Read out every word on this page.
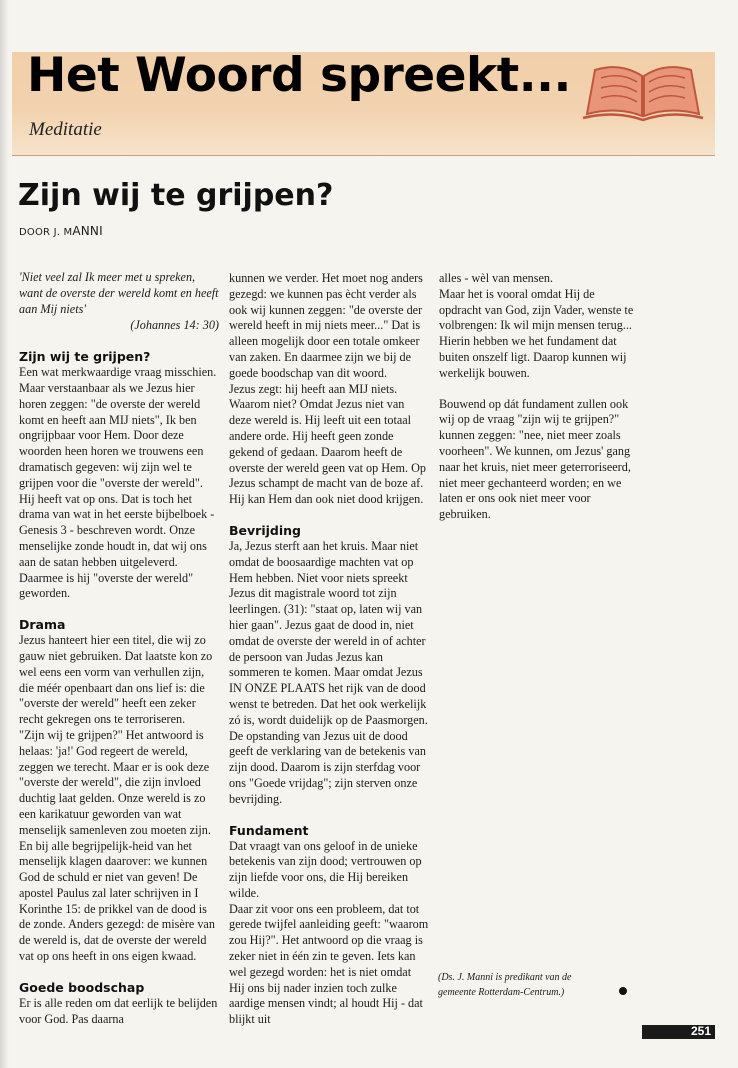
Het Woord spreekt...
Meditatie
Zijn wij te grijpen?
DOOR J. MANNI

'Niet veel zal Ik meer met u spreken, want de overste der wereld komt en heeft aan Mij niets'

(Johannes 14: 30)

Zijn wij te grijpen?

Een wat merkwaardige vraag misschien. Maar verstaanbaar als we Jezus hier horen zeggen: "de overste der wereld komt en heeft aan MIJ niets", Ik ben ongrijpbaar voor Hem. Door deze woorden heen horen we trouwens een dramatisch gegeven: wij zijn wel te grijpen voor die "overste der wereld". Hij heeft vat op ons. Dat is toch het drama van wat in het eerste bijbelboek - Genesis 3 - beschreven wordt. Onze menselijke zonde houdt in, dat wij ons aan de satan hebben uitgeleverd. Daarmee is hij "overste der wereld" geworden.

Drama

Jezus hanteert hier een titel, die wij zo gauw niet gebruiken. Dat laatste kon zo wel eens een vorm van verhullen zijn, die méér openbaart dan ons lief is: die "overste der wereld" heeft een zeker recht gekregen ons te terroriseren.

"Zijn wij te grijpen?" Het antwoord is helaas: 'ja!' God regeert de wereld, zeggen we terecht. Maar er is ook deze "overste der wereld", die zijn invloed duchtig laat gelden. Onze wereld is zo een karikatuur geworden van wat menselijk samenleven zou moeten zijn. En bij alle begrijpelijk-heid van het menselijk klagen daarover: we kunnen God de schuld er niet van geven! De apostel Paulus zal later schrijven in I Korinthe 15: de prikkel van de dood is de zonde. Anders gezegd: de misère van de wereld is, dat de overste der wereld vat op ons heeft in ons eigen kwaad.

Goede boodschap

Er is alle reden om dat eerlijk te belijden voor God. Pas daarna

kunnen we verder. Het moet nog anders gezegd: we kunnen pas ècht verder als ook wij kunnen zeggen: "de overste der wereld heeft in mij niets meer..." Dat is alleen mogelijk door een totale omkeer van zaken. En daarmee zijn we bij de goede boodschap van dit woord.

Jezus zegt: hij heeft aan MIJ niets. Waarom niet? Omdat Jezus niet van deze wereld is. Hij leeft uit een totaal andere orde. Hij heeft geen zonde gekend of gedaan. Daarom heeft de overste der wereld geen vat op Hem. Op Jezus schampt de macht van de boze af. Hij kan Hem dan ook niet dood krijgen.

Bevrijding

Ja, Jezus sterft aan het kruis. Maar niet omdat de boosaardige machten vat op Hem hebben. Niet voor niets spreekt Jezus dit magistrale woord tot zijn leerlingen. (31): "staat op, laten wij van hier gaan". Jezus gaat de dood in, niet omdat de overste der wereld in of achter de persoon van Judas Jezus kan sommeren te komen. Maar omdat Jezus IN ONZE PLAATS het rijk van de dood wenst te betreden. Dat het ook werkelijk zó is, wordt duidelijk op de Paasmorgen. De opstanding van Jezus uit de dood geeft de verklaring van de betekenis van zijn dood. Daarom is zijn sterfdag voor ons "Goede vrijdag"; zijn sterven onze bevrijding.

Fundament

Dat vraagt van ons geloof in de unieke betekenis van zijn dood; vertrouwen op zijn liefde voor ons, die Hij bereiken wilde.

Daar zit voor ons een probleem, dat tot gerede twijfel aanleiding geeft: "waarom zou Hij?". Het antwoord op die vraag is zeker niet in één zin te geven. Iets kan wel gezegd worden: het is niet omdat Hij ons bij nader inzien toch zulke aardige mensen vindt; al houdt Hij - dat blijkt uit

alles - wèl van mensen.

Maar het is vooral omdat Hij de opdracht van God, zijn Vader, wenste te volbrengen: Ik wil mijn mensen terug... Hierin hebben we het fundament dat buiten onszelf ligt. Daarop kunnen wij werkelijk bouwen.

Bouwend op dát fundament zullen ook wij op de vraag "zijn wij te grijpen?" kunnen zeggen: "nee, niet meer zoals voorheen". We kunnen, om Jezus' gang naar het kruis, niet meer geterroriseerd, niet meer gechanteerd worden; en we laten er ons ook niet meer voor gebruiken.

(Ds. J. Manni is predikant van de gemeente Rotterdam-Centrum.)
251
